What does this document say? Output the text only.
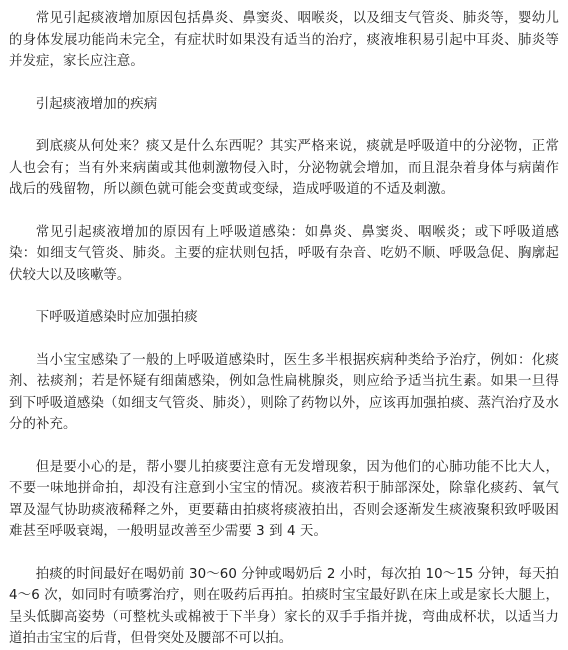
常见引起痰液增加原因包括鼻炎、鼻窦炎、咽喉炎，以及细支气管炎、肺炎等，婴幼儿的身体发展功能尚未完全，有症状时如果没有适当的治疗，痰液堆积易引起中耳炎、肺炎等并发症，家长应注意。

引起痰液增加的疾病

到底痰从何处来？痰又是什么东西呢？其实严格来说，痰就是呼吸道中的分泌物，正常人也会有；当有外来病菌或其他刺激物侵入时，分泌物就会增加，而且混杂着身体与病菌作战后的残留物，所以颜色就可能会变黄或变绿，造成呼吸道的不适及刺激。

常见引起痰液增加的原因有上呼吸道感染：如鼻炎、鼻窦炎、咽喉炎；或下呼吸道感染：如细支气管炎、肺炎。主要的症状则包括，呼吸有杂音、吃奶不顺、呼吸急促、胸廓起伏较大以及咳嗽等。

下呼吸道感染时应加强拍痰

当小宝宝感染了一般的上呼吸道感染时，医生多半根据疾病种类给予治疗，例如：化痰剂、祛痰剂；若是怀疑有细菌感染，例如急性扁桃腺炎，则应给予适当抗生素。如果一旦得到下呼吸道感染（如细支气管炎、肺炎），则除了药物以外，应该再加强拍痰、蒸汽治疗及水分的补充。

但是要小心的是，帮小婴儿拍痰要注意有无发增现象，因为他们的心肺功能不比大人，不要一味地拼命拍，却没有注意到小宝宝的情况。痰液若积于肺部深处，除靠化痰药、氧气罩及湿气协助痰液稀释之外，更要藉由拍痰将痰液拍出，否则会逐渐发生痰液聚积致呼吸困难甚至呼吸衰竭，一般明显改善至少需要 3 到 4 天。

拍痰的时间最好在喝奶前 30～60 分钟或喝奶后 2 小时，每次拍 10～15 分钟，每天拍 4～6 次，如同时有喷雾治疗，则在吸药后再拍。拍痰时宝宝最好趴在床上或是家长大腿上，呈头低脚高姿势（可整枕头或棉被于下半身）家长的双手手指并拢，弯曲成杯状，以适当力道拍击宝宝的后背，但骨突处及腰部不可以拍。
